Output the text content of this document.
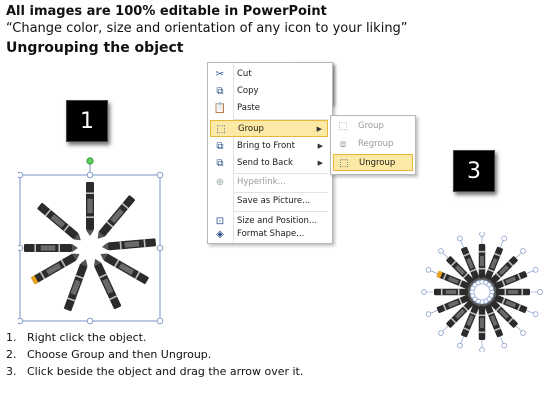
All images are 100% editable in PowerPoint
“Change color, size and orientation of any icon to your liking”
Ungrouping the object
1
3
✂	Cut
⧉	Copy
📋 Paste
⬚ Group	▶
⧉	Bring to Front	▶
⧉	Send to Back	▶
⊕	Hyperlink...
Save as Picture...
⊡	Size and Position...
◈	Format Shape...
⬚ Group
⧈	Regroup
⬚ Ungroup
1. Right click the object.
2. Choose Group and then Ungroup.
3. Click beside the object and drag the arrow over it.
